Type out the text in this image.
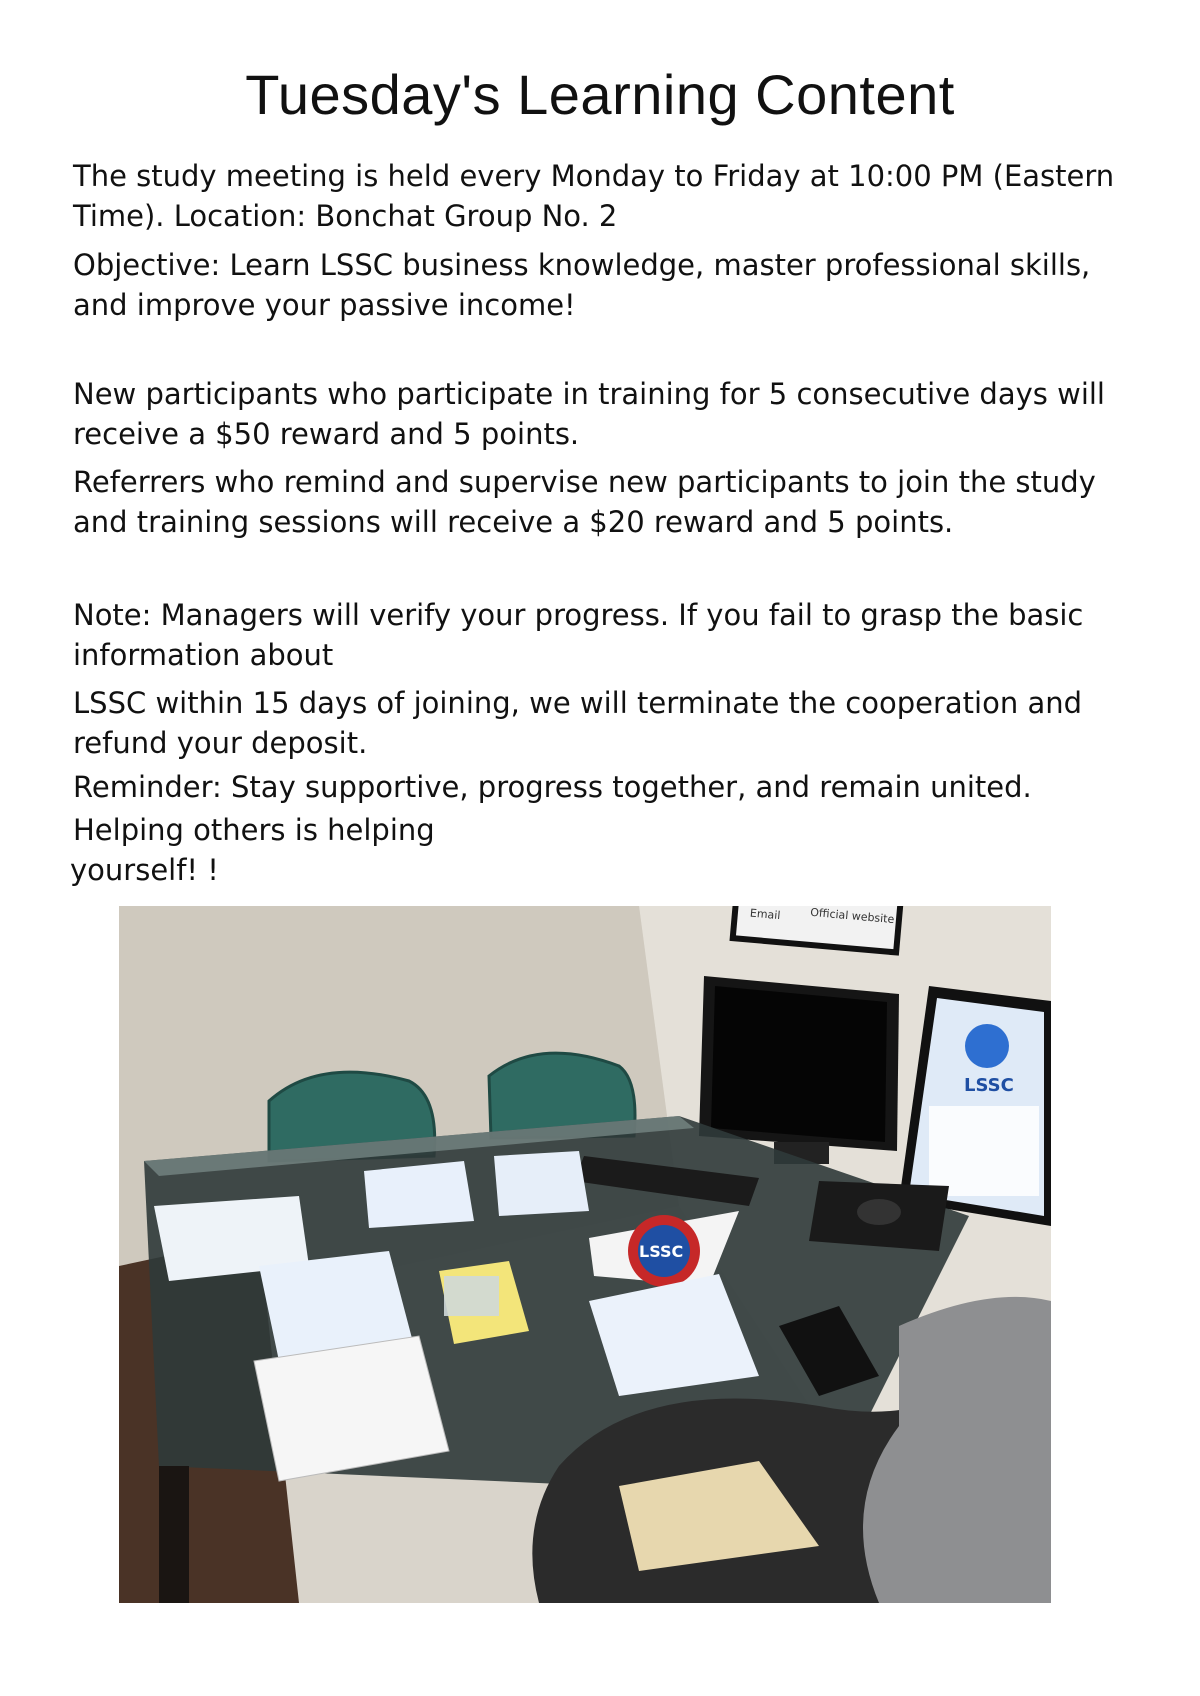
Tuesday's Learning Content

The study meeting is held every Monday to Friday at 10:00 PM (Eastern Time). Location: Bonchat Group No. 2

Objective: Learn LSSC business knowledge, master professional skills, and improve your passive income!

New participants who participate in training for 5 consecutive days will receive a $50 reward and 5 points.

Referrers who remind and supervise new participants to join the study and training sessions will receive a $20 reward and 5 points.

Note: Managers will verify your progress. If you fail to grasp the basic information about

LSSC within 15 days of joining, we will terminate the cooperation and refund your deposit.

Reminder: Stay supportive, progress together, and remain united.

Helping others is helping

yourself! !

Email	Official website
LSSC
LSSC
